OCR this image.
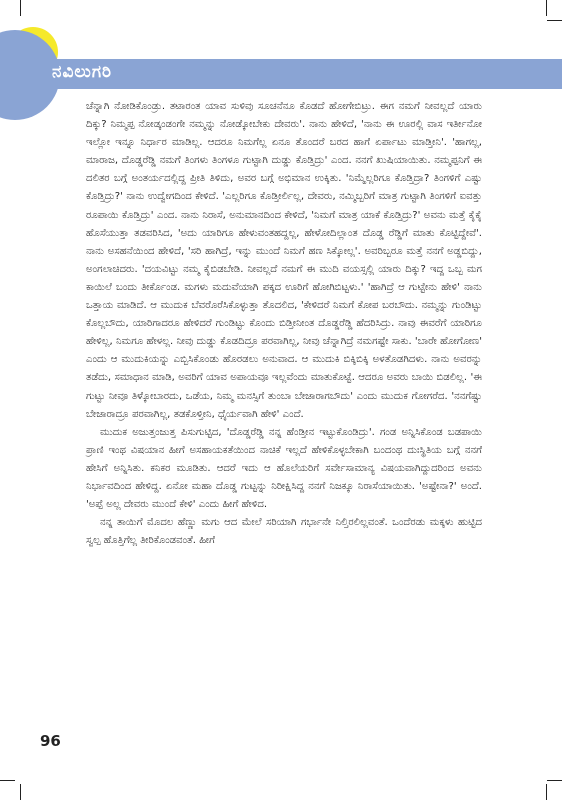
ನವಿಲುಗರಿ

ಚೆನ್ನಾಗಿ ನೋಡಿಕೊಂಡ್ರು. ತಟಾರಂತ ಯಾವ ಸುಳಿವು ಸೂಚನೆನೂ ಕೊಡದೆ ಹೋಗೇಬಿಟ್ರು. ಈಗ ನಮಗೆ ನೀವಲ್ಲದೆ ಯಾರು ದಿಕ್ಕು? ನಿಮ್ಮಪ್ಪ ನೋಡ್ಕಂಡಂಗೇ ನಮ್ಮನ್ನು ನೋಡ್ಕೋಬೇಕು ದೇವರು'. ನಾನು ಹೇಳಿದೆ, 'ನಾನು ಈ ಊರಲ್ಲಿ ವಾಸ ಇರ್ತೀನೋ ಇಲ್ಲೋ ಇನ್ನೂ ನಿರ್ಧಾರ ಮಾಡಿಲ್ಲ. ಆದರೂ ನಿಮಗೆಲ್ಲ ಏನೂ ತೊಂದರೆ ಬರದ ಹಾಗೆ ಏರ್ಪಾಟು ಮಾಡ್ತೀನಿ'. 'ಹಾಗಲ್ಲ, ಮಾರಾಜ, ದೊಡ್ಡರೆಡ್ಡಿ ನಮಗೆ ತಿಂಗಳು ತಿಂಗಳೂ ಗುಟ್ಟಾಗಿ ದುಡ್ಡು ಕೊಡ್ತಿದ್ರು' ಎಂದ. ನನಗೆ ಖುಷಿಯಾಯಿತು. ನಮ್ಮಪ್ಪನಿಗೆ ಈ ದಲಿತರ ಬಗ್ಗೆ ಅಂತರ್ಯದಲ್ಲಿದ್ದ ಪ್ರೀತಿ ತಿಳಿದು, ಅವರ ಬಗ್ಗೆ ಅಭಿಮಾನ ಉಕ್ಕಿತು. 'ನಿಮ್ಮೆಲ್ಲರಿಗೂ ಕೊಡ್ತಿದ್ರಾ? ತಿಂಗಳಿಗೆ ಎಷ್ಟು ಕೊಡ್ತಿದ್ರು?' ನಾನು ಉದ್ವೇಗದಿಂದ ಕೇಳಿದೆ. 'ಎಲ್ಲರಿಗೂ ಕೊಡ್ತೀರ್ಲಿಲ್ಲ, ದೇವರು, ನಮ್ಮಿಬ್ಬರಿಗೆ ಮಾತ್ರ ಗುಟ್ಟಾಗಿ ತಿಂಗಳಿಗೆ ಐವತ್ತು ರೂಪಾಯಿ ಕೊಡ್ತಿದ್ರು' ಎಂದ. ನಾನು ನಿರಾಸೆ, ಅನುಮಾನದಿಂದ ಕೇಳಿದೆ, 'ನಿಮಗೆ ಮಾತ್ರ ಯಾಕೆ ಕೊಡ್ತಿದ್ರು?' ಅವನು ಮತ್ತೆ ಕೈಕೈ ಹೊಸೆಯುತ್ತಾ ತಡವರಿಸಿದ, 'ಅದು ಯಾರಿಗೂ ಹೇಳುವಂತಹದ್ದಲ್ಲ, ಹೇಳೋದಿಲ್ಲಾಂತ ದೊಡ್ಡ ರೆಡ್ಡಿಗೆ ಮಾತು ಕೊಟ್ಟಿದ್ದೇವೆ'. ನಾನು ಅಸಹನೆಯಿಂದ ಹೇಳಿದೆ, 'ಸರಿ ಹಾಗಿದ್ರೆ, ಇನ್ನು ಮುಂದೆ ನಿಮಗೆ ಹಣ ಸಿಕ್ಕೋಲ್ಲ'. ಅವರಿಬ್ಬರೂ ಮತ್ತೆ ನನಗೆ ಅಡ್ಡಬಿದ್ದು, ಅಂಗಲಾಚಿದರು. 'ದಯವಿಟ್ಟು ನಮ್ಮ ಕೈಬಿಡಬೇಡಿ. ನೀವಲ್ಲದೆ ನಮಗೆ ಈ ಮುದಿ ವಯಸ್ಸಲ್ಲಿ ಯಾರು ದಿಕ್ಕು? ಇದ್ದ ಒಬ್ಬ ಮಗ ಕಾಯಿಲೆ ಬಂದು ತೀರ್ಕೊಂಡ. ಮಗಳು ಮದುವೆಯಾಗಿ ಪಕ್ಕದ ಊರಿಗೆ ಹೋಗಿಬಿಟ್ಟಳು.' 'ಹಾಗಿದ್ರೆ ಆ ಗುಟ್ಟೇನು ಹೇಳಿ' ನಾನು ಒತ್ತಾಯ ಮಾಡಿದೆ. ಆ ಮುದುಕ ಬೆವರೊರೆಸಿಕೊಳ್ಳುತ್ತಾ ತೊದಲಿದ, 'ಕೇಳಿದರೆ ನಿಮಗೆ ಕೋಪ ಬರಬೌದು. ನಮ್ಮನ್ನು ಗುಂಡಿಟ್ಟು ಕೊಲ್ಲಬೌದು, ಯಾರಿಗಾದರೂ ಹೇಳಿದರೆ ಗುಂಡಿಟ್ಟು ಕೊಂದು ಬಿಡ್ತೀನೀಂತ ದೊಡ್ಡರೆಡ್ಡಿ ಹೆದರಿಸಿದ್ರು. ನಾವು ಈವರೆಗೆ ಯಾರಿಗೂ ಹೇಳಿಲ್ಲ, ನಿಮಗೂ ಹೇಳಲ್ಲ. ನೀವು ದುಡ್ಡು ಕೊಡದಿದ್ರೂ ಪರವಾಗಿಲ್ಲ, ನೀವು ಚೆನ್ನಾಗಿದ್ರೆ ನಮಗಷ್ಟೇ ಸಾಕು. 'ಬಾರೇ ಹೋಗೋಣ' ಎಂದು ಆ ಮುದುಕಿಯನ್ನು ಎಬ್ಬಿಸಿಕೊಂಡು ಹೊರಡಲು ಅನುವಾದ. ಆ ಮುದುಕಿ ಬಿಕ್ಕಿಬಿಕ್ಕಿ ಅಳತೊಡಗಿದಳು. ನಾನು ಅವರನ್ನು ತಡೆದು, ಸಮಾಧಾನ ಮಾಡಿ, ಅವರಿಗೆ ಯಾವ ಅಪಾಯವೂ ಇಲ್ಲವೆಂದು ಮಾತುಕೊಟ್ಟೆ. ಆದರೂ ಅವರು ಬಾಯಿ ಬಿಡಲಿಲ್ಲ. 'ಈ ಗುಟ್ಟು ನೀವೂ ತಿಳ್ಕೋಬಾರದು, ಒಡೆಯ, ನಿಮ್ಮ ಮನಸ್ಸಿಗೆ ತುಂಬಾ ಬೇಜಾರಾಗಬೌದು' ಎಂದು ಮುದುಕ ಗೋಗರೆದ. 'ನನಗೆಷ್ಟು ಬೇಜಾರಾದ್ರೂ ಪರವಾಗಿಲ್ಲ, ತಡಕೊಳ್ತೀನಿ, ಧೈರ್ಯವಾಗಿ ಹೇಳಿ' ಎಂದೆ.

ಮುದುಕ ಅಜುತ್ತಂಜುತ್ತ ಪಿಸುಗುಟ್ಟಿದ, 'ದೊಡ್ಡರೆಡ್ಡಿ ನನ್ನ ಹೆಂಡ್ತೀನ ಇಟ್ಟುಕೊಂಡಿದ್ರು'. ಗಂಡ ಅನ್ನಿಸಿಕೊಂಡ ಬಡಪಾಯಿ ಪ್ರಾಣಿ ಇಂಥ ವಿಷಯಾನ ಹೀಗೆ ಅಸಹಾಯಕತೆಯಿಂದ ನಾಚಿಕೆ ಇಲ್ಲದೆ ಹೇಳಿಕೊಳ್ಳಬೇಕಾಗಿ ಬಂದಂಥ ದುಃಸ್ಥಿತಿಯ ಬಗ್ಗೆ ನನಗೆ ಹೇಸಿಗೆ ಅನ್ನಿಸಿತು. ಕನಿಕರ ಮೂಡಿತು. ಆದರೆ ಇದು ಆ ಹೊಲೆಯರಿಗೆ ಸರ್ವೇಸಾಮಾನ್ಯ ವಿಷಯವಾಗಿದ್ದುದರಿಂದ ಅವನು ನಿರ್ಭಾವದಿಂದ ಹೇಳಿದ್ದ. ಏನೋ ಮಹಾ ದೊಡ್ಡ ಗುಟ್ಟನ್ನು ನಿರೀಕ್ಷಿಸಿದ್ದ ನನಗೆ ನಿಜಕ್ಕೂ ನಿರಾಸೆಯಾಯಿತು. 'ಅಷ್ಟೇನಾ?' ಅಂದೆ. 'ಅಪ್ಪೆ ಅಲ್ಲ ದೇವರು ಮುಂದೆ ಕೇಳಿ' ಎಂದು ಹೀಗೆ ಹೇಳಿದ.

ನನ್ನ ತಾಯಿಗೆ ಮೊದಲ ಹೆಣ್ಣು ಮಗು ಆದ ಮೇಲೆ ಸರಿಯಾಗಿ ಗರ್ಭಾನೇ ನಿಲ್ತಿರಲಿಲ್ಲವಂತೆ. ಒಂದೆರಡು ಮಕ್ಕಳು ಹುಟ್ಟಿದ ಸ್ವಲ್ಪ ಹೊತ್ತಿಗೆಲ್ಲ ತೀರಿಕೊಂಡವಂತೆ. ಹೀಗೆ

96
